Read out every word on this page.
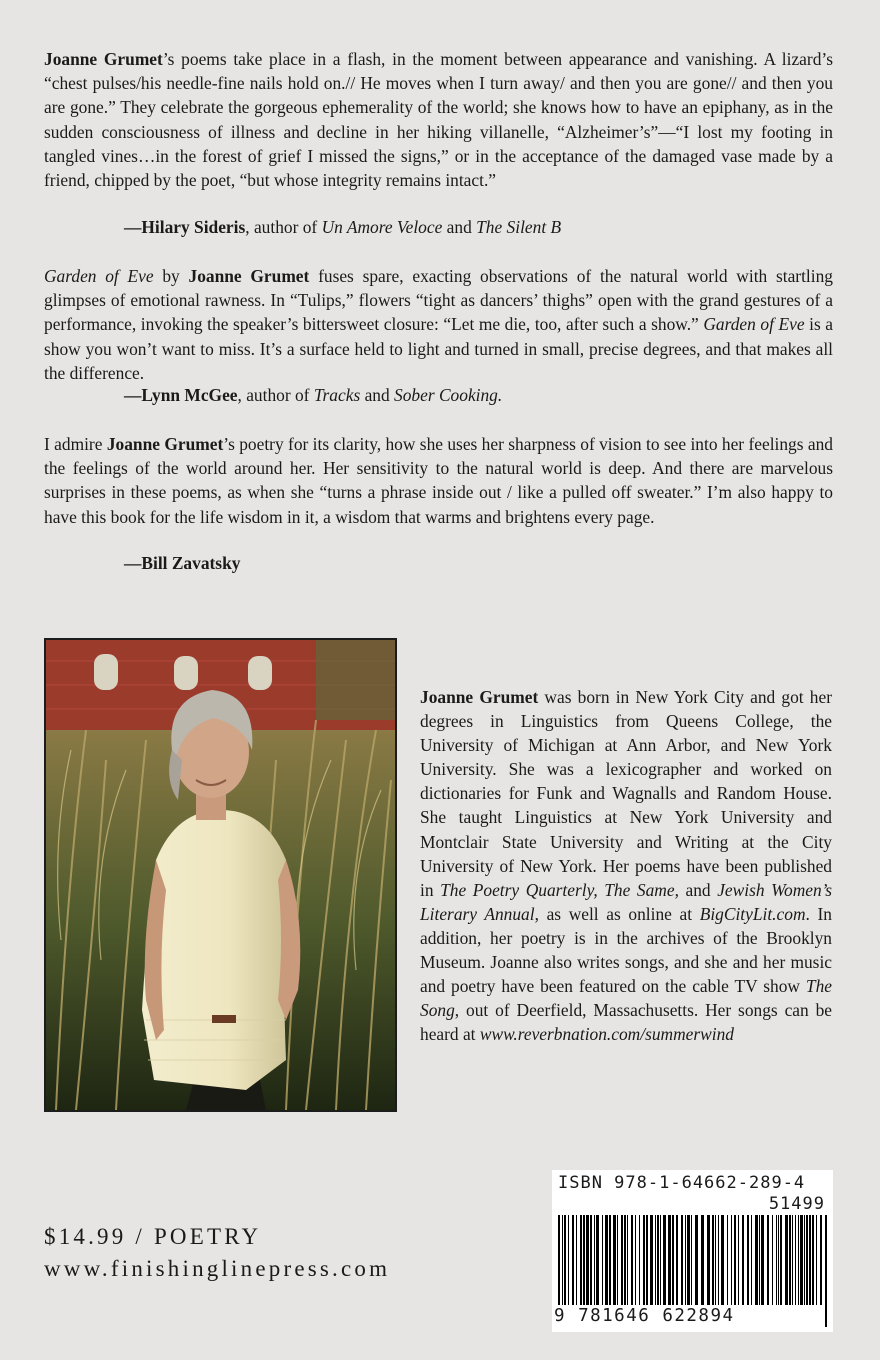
Joanne Grumet’s poems take place in a flash, in the moment between appearance and vanishing. A lizard’s “chest pulses/his needle-fine nails hold on.// He moves when I turn away/ and then you are gone// and then you are gone.” They celebrate the gorgeous ephemerality of the world; she knows how to have an epiphany, as in the sudden consciousness of illness and decline in her hiking villanelle, “Alzheimer’s”—“I lost my footing in tangled vines…in the forest of grief I missed the signs,” or in the acceptance of the damaged vase made by a friend, chipped by the poet, “but whose integrity remains intact.”

—Hilary Sideris, author of Un Amore Veloce and The Silent B

Garden of Eve by Joanne Grumet fuses spare, exacting observations of the natural world with startling glimpses of emotional rawness. In “Tulips,” flowers “tight as dancers’ thighs” open with the grand gestures of a performance, invoking the speaker’s bittersweet closure: “Let me die, too, after such a show.” Garden of Eve is a show you won’t want to miss. It’s a surface held to light and turned in small, precise degrees, and that makes all the difference.

—Lynn McGee, author of Tracks and Sober Cooking.

I admire Joanne Grumet’s poetry for its clarity, how she uses her sharpness of vision to see into her feelings and the feelings of the world around her. Her sensitivity to the natural world is deep. And there are marvelous surprises in these poems, as when she “turns a phrase inside out / like a pulled off sweater.” I’m also happy to have this book for the life wisdom in it, a wisdom that warms and brightens every page.

—Bill Zavatsky

Joanne Grumet was born in New York City and got her degrees in Linguistics from Queens College, the University of Michigan at Ann Arbor, and New York University. She was a lexicographer and worked on dictionaries for Funk and Wagnalls and Random House. She taught Linguistics at New York University and Montclair State University and Writing at the City University of New York. Her poems have been published in The Poetry Quarterly, The Same, and Jewish Women’s Literary Annual, as well as online at BigCityLit.com. In addition, her poetry is in the archives of the Brooklyn Museum. Joanne also writes songs, and she and her music and poetry have been featured on the cable TV show The Song, out of Deerfield, Massachusetts. Her songs can be heard at www.reverbnation.com/summerwind

$14.99 / POETRY
www.finishinglinepress.com
ISBN 978-1-64662-289-4
51499
9 781646 622894
